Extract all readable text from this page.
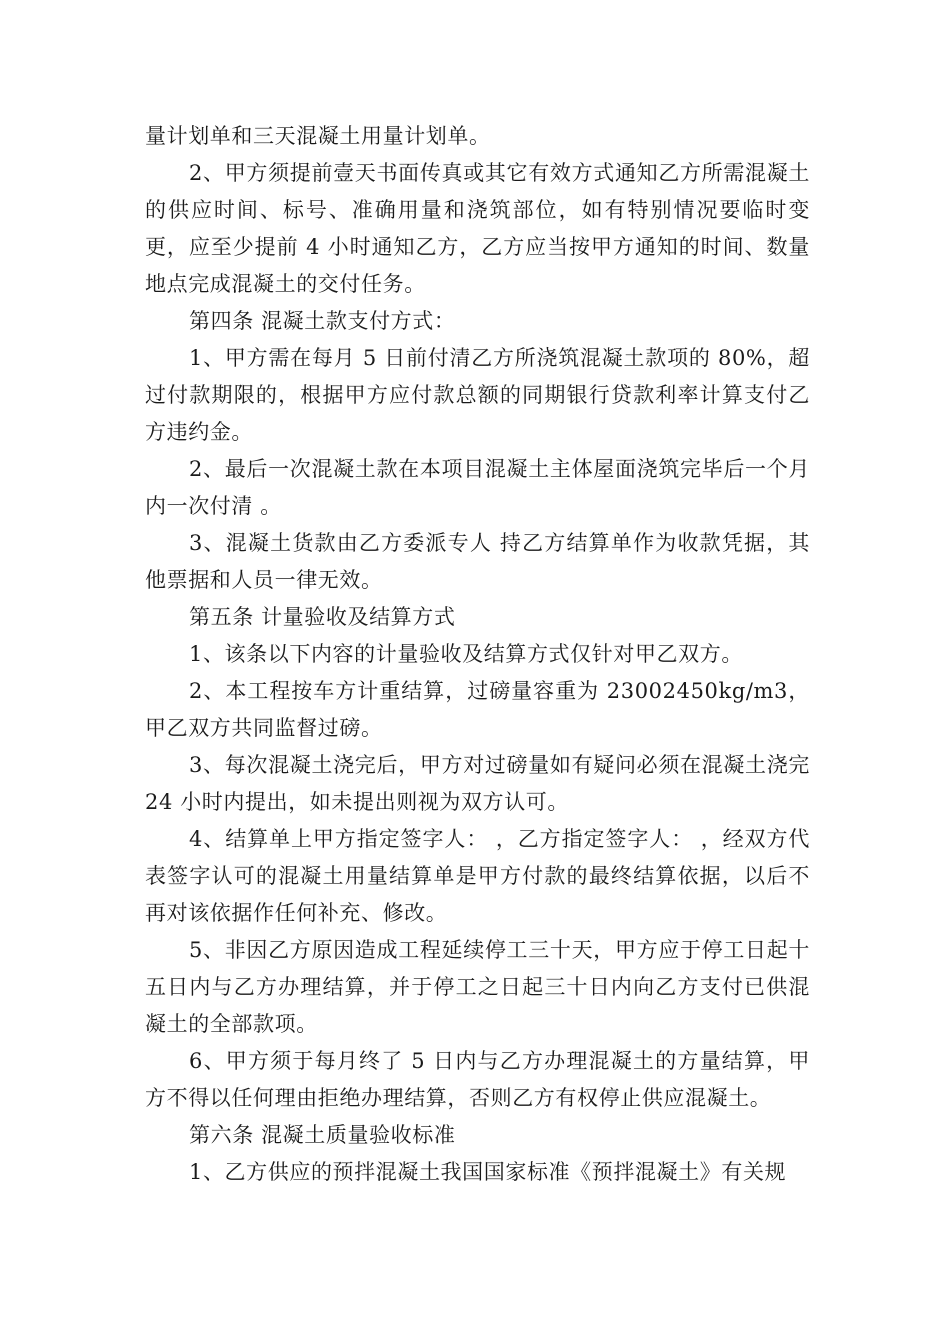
量计划单和三天混凝土用量计划单。

2、甲方须提前壹天书面传真或其它有效方式通知乙方所需混凝土的供应时间、标号、准确用量和浇筑部位，如有特别情况要临时变更，应至少提前 4 小时通知乙方，乙方应当按甲方通知的时间、数量地点完成混凝土的交付任务。

第四条 混凝土款支付方式：

1、甲方需在每月 5 日前付清乙方所浇筑混凝土款项的 80%，超过付款期限的，根据甲方应付款总额的同期银行贷款利率计算支付乙方违约金。

2、最后一次混凝土款在本项目混凝土主体屋面浇筑完毕后一个月内一次付清 。

3、混凝土货款由乙方委派专人 持乙方结算单作为收款凭据，其他票据和人员一律无效。

第五条 计量验收及结算方式

1、该条以下内容的计量验收及结算方式仅针对甲乙双方。

2、本工程按车方计重结算，过磅量容重为 23002450kg/m3，甲乙双方共同监督过磅。

3、每次混凝土浇完后，甲方对过磅量如有疑问必须在混凝土浇完 24 小时内提出，如未提出则视为双方认可。

4、结算单上甲方指定签字人： ，乙方指定签字人： ，经双方代表签字认可的混凝土用量结算单是甲方付款的最终结算依据，以后不再对该依据作任何补充、修改。

5、非因乙方原因造成工程延续停工三十天，甲方应于停工日起十五日内与乙方办理结算，并于停工之日起三十日内向乙方支付已供混凝土的全部款项。

6、甲方须于每月终了 5 日内与乙方办理混凝土的方量结算，甲方不得以任何理由拒绝办理结算，否则乙方有权停止供应混凝土。

第六条 混凝土质量验收标准

1、乙方供应的预拌混凝土我国国家标准《预拌混凝土》有关规
